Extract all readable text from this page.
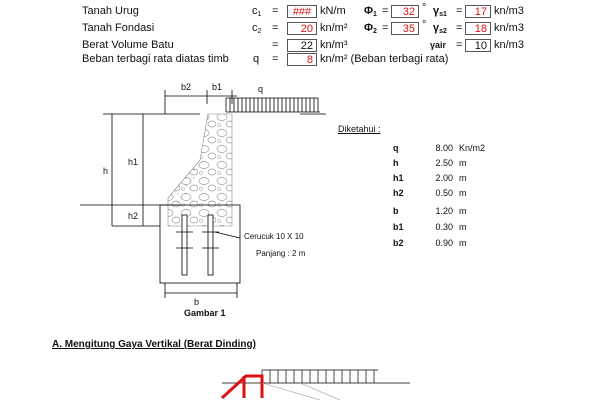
Tanah Urug	$c_1$ =	### kN/m $\Phi_1$ =	32 ° $\gamma_{s1}$ =	17 kn/m3
Tanah Fondasi	$c_2$ =	20 kn/m² $\Phi_2$ =	35 ° $\gamma_{s2}$ =	18 kn/m3
Berat Volume Batu	=	22 kn/m³	γair =	10 kn/m3
Beban terbagi rata diatas timb q =	8 kn/m² (Beban terbagi rata)
b2 b1	q
h
h1
h2
b
Cerucuk 10 X 10
Panjang : 2 m
Gambar 1
Diketahui :
q	8.00 Kn/m2
h	2.50 m
h1	2.00 m
h2	0.50 m
b	1.20 m
b1	0.30 m
b2	0.90 m
A. Mengitung Gaya Vertikal (Berat Dinding)
